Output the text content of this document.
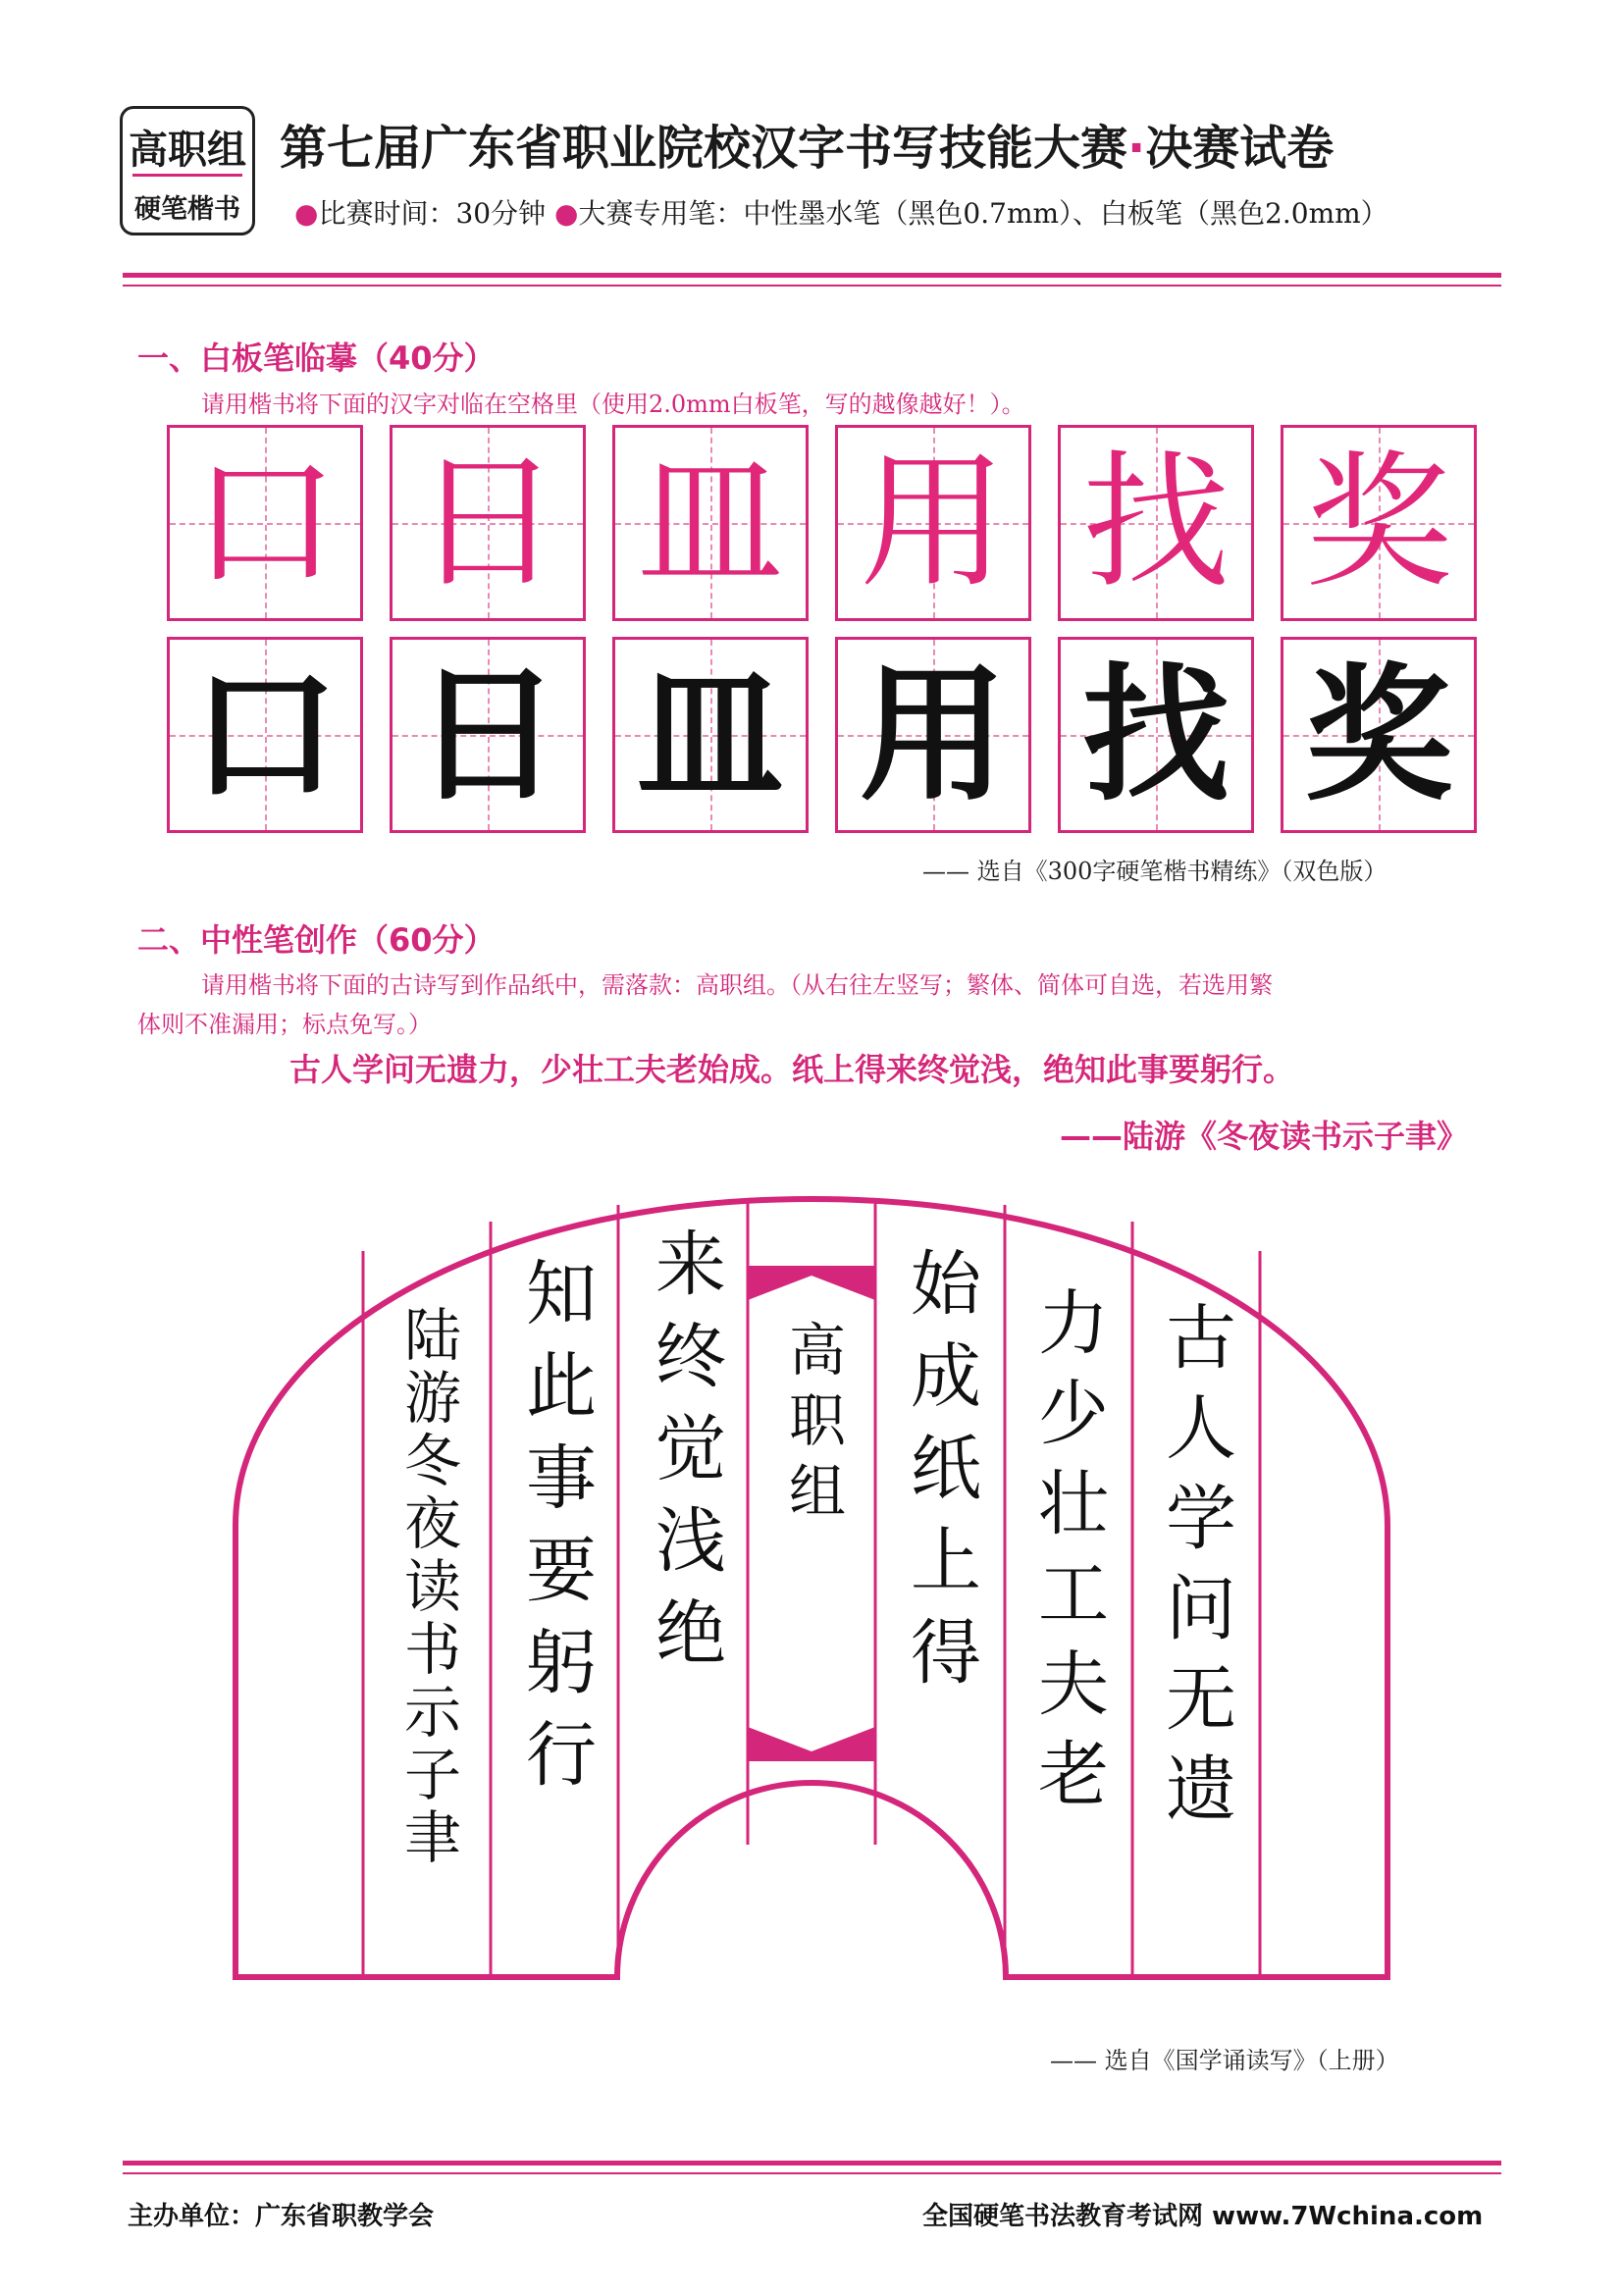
高职组
硬笔楷书
第七届广东省职业院校汉字书写技能大赛·决赛试卷
●比赛时间：30分钟 ●大赛专用笔：中性墨水笔（黑色0.7mm）、白板笔（黑色2.0mm）
一、白板笔临摹（40分）
请用楷书将下面的汉字对临在空格里（使用2.0mm白板笔，写的越像越好！）。
口 日 皿 用 找 奖
口 日 皿 用 找 奖
—— 选自《300字硬笔楷书精练》（双色版）
二、中性笔创作（60分）
请用楷书将下面的古诗写到作品纸中，需落款：高职组。（从右往左竖写；繁体、简体可自选，若选用繁
体则不准漏用；标点免写。）
古人学问无遗力，少壮工夫老始成。纸上得来终觉浅，绝知此事要躬行。
——陆游《冬夜读书示子聿》
古人学问无遗
力少壮工夫老
始成纸上得
高职组
来终觉浅绝
知此事要躬行
陆游冬夜读书示子聿
—— 选自《国学诵读写》（上册）
主办单位：广东省职教学会	全国硬笔书法教育考试网 www.7Wchina.com
